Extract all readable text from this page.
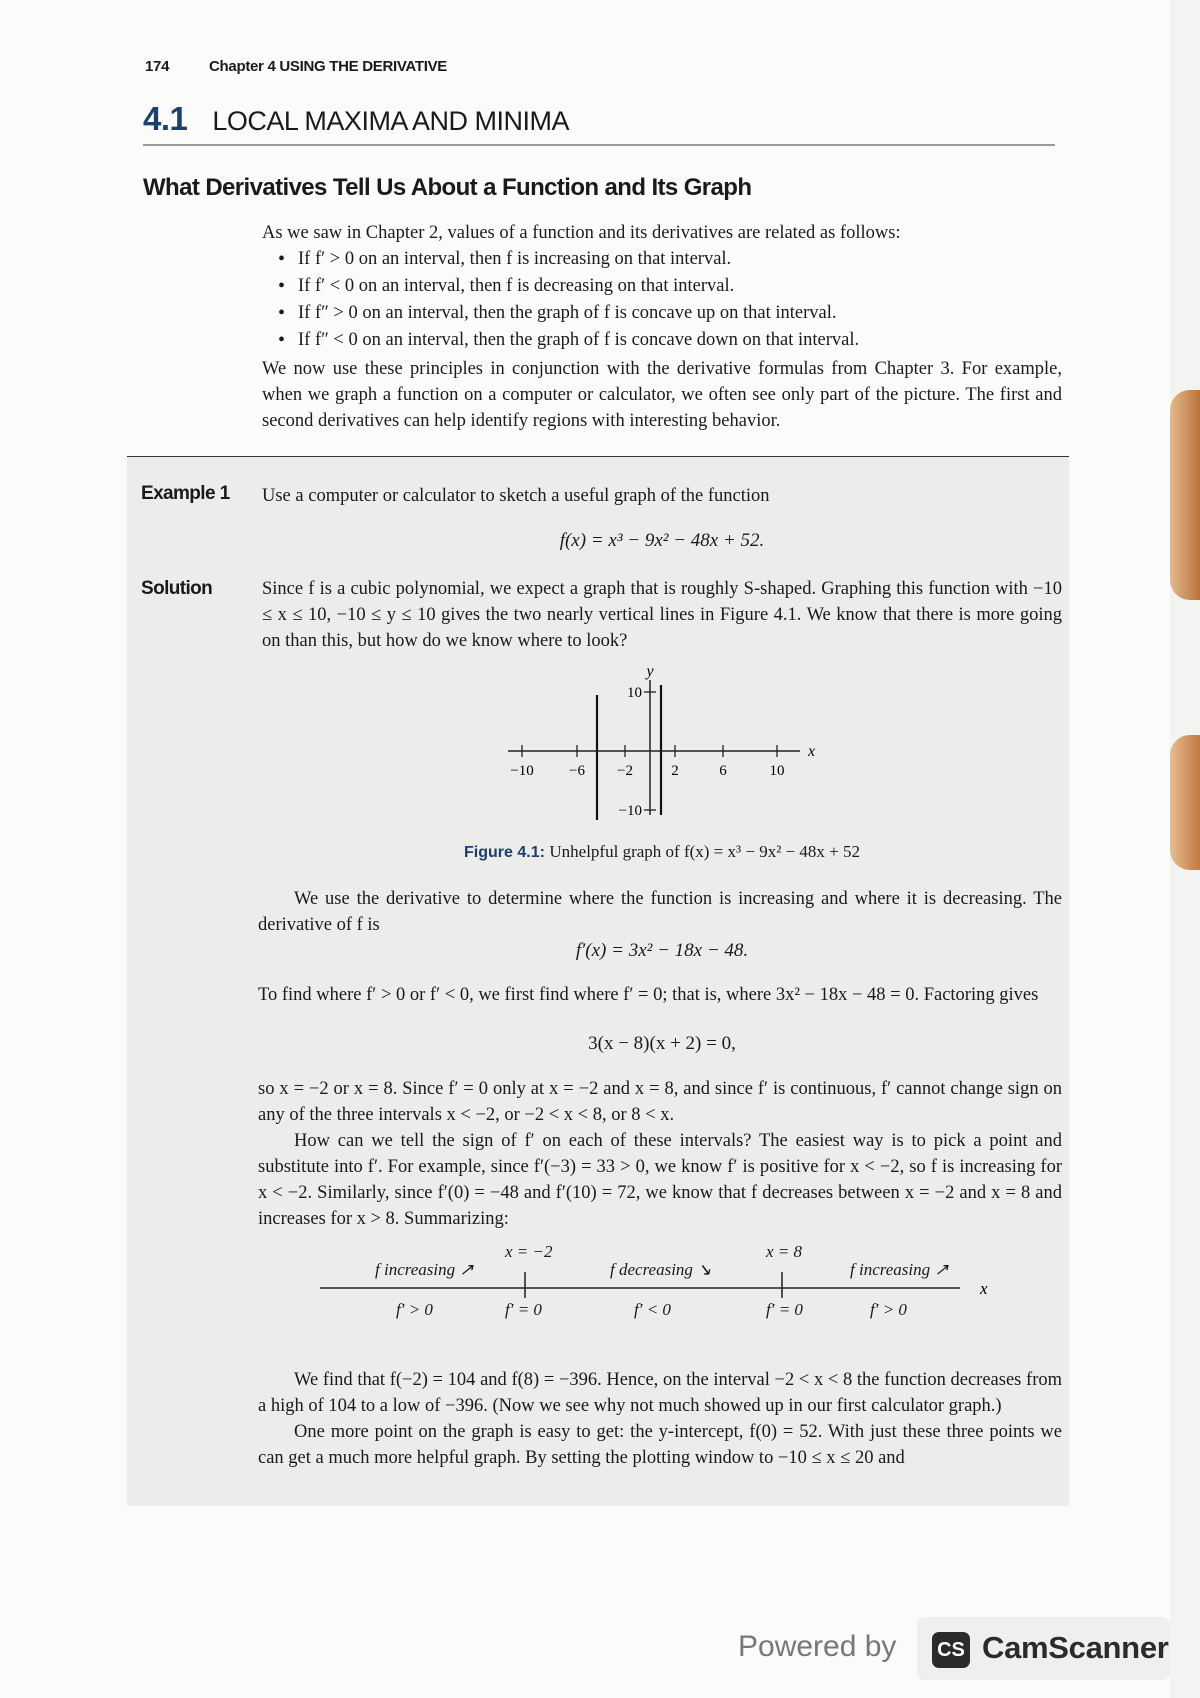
174	Chapter 4 USING THE DERIVATIVE
4.1 LOCAL MAXIMA AND MINIMA
What Derivatives Tell Us About a Function and Its Graph
As we saw in Chapter 2, values of a function and its derivatives are related as follows:
• If f′ > 0 on an interval, then f is increasing on that interval.
• If f′ < 0 on an interval, then f is decreasing on that interval.
• If f″ > 0 on an interval, then the graph of f is concave up on that interval.
• If f″ < 0 on an interval, then the graph of f is concave down on that interval.

We now use these principles in conjunction with the derivative formulas from Chapter 3. For example, when we graph a function on a computer or calculator, we often see only part of the picture. The first and second derivatives can help identify regions with interesting behavior.

Example 1 Use a computer or calculator to sketch a useful graph of the function
f(x) = x³ − 9x² − 48x + 52.
Solution	Since f is a cubic polynomial, we expect a graph that is roughly S-shaped. Graphing this function with −10 ≤ x ≤ 10, −10 ≤ y ≤ 10 gives the two nearly vertical lines in Figure 4.1. We know that there is more going on than this, but how do we know where to look?
y
x
10
−10
−10 −6 −2	2	6	10
Figure 4.1: Unhelpful graph of f(x) = x³ − 9x² − 48x + 52
We use the derivative to determine where the function is increasing and where it is decreasing. The derivative of f is
f′(x) = 3x² − 18x − 48.
To find where f′ > 0 or f′ < 0, we first find where f′ = 0; that is, where 3x² − 18x − 48 = 0. Factoring gives
3(x − 8)(x + 2) = 0,

so x = −2 or x = 8. Since f′ = 0 only at x = −2 and x = 8, and since f′ is continuous, f′ cannot change sign on any of the three intervals x < −2, or −2 < x < 8, or 8 < x.

How can we tell the sign of f′ on each of these intervals? The easiest way is to pick a point and substitute into f′. For example, since f′(−3) = 33 > 0, we know f′ is positive for x < −2, so f is increasing for x < −2. Similarly, since f′(0) = −48 and f′(10) = 72, we know that f decreases between x = −2 and x = 8 and increases for x > 8. Summarizing:

x
x = −2	x = 8
f increasing ↗	f decreasing ↘	f increasing ↗
f′ > 0	f′ = 0	f′ < 0	f′ = 0	f′ > 0

We find that f(−2) = 104 and f(8) = −396. Hence, on the interval −2 < x < 8 the function decreases from a high of 104 to a low of −396. (Now we see why not much showed up in our first calculator graph.)

One more point on the graph is easy to get: the y-intercept, f(0) = 52. With just these three points we can get a much more helpful graph. By setting the plotting window to −10 ≤ x ≤ 20 and

Powered by CS CamScanner
